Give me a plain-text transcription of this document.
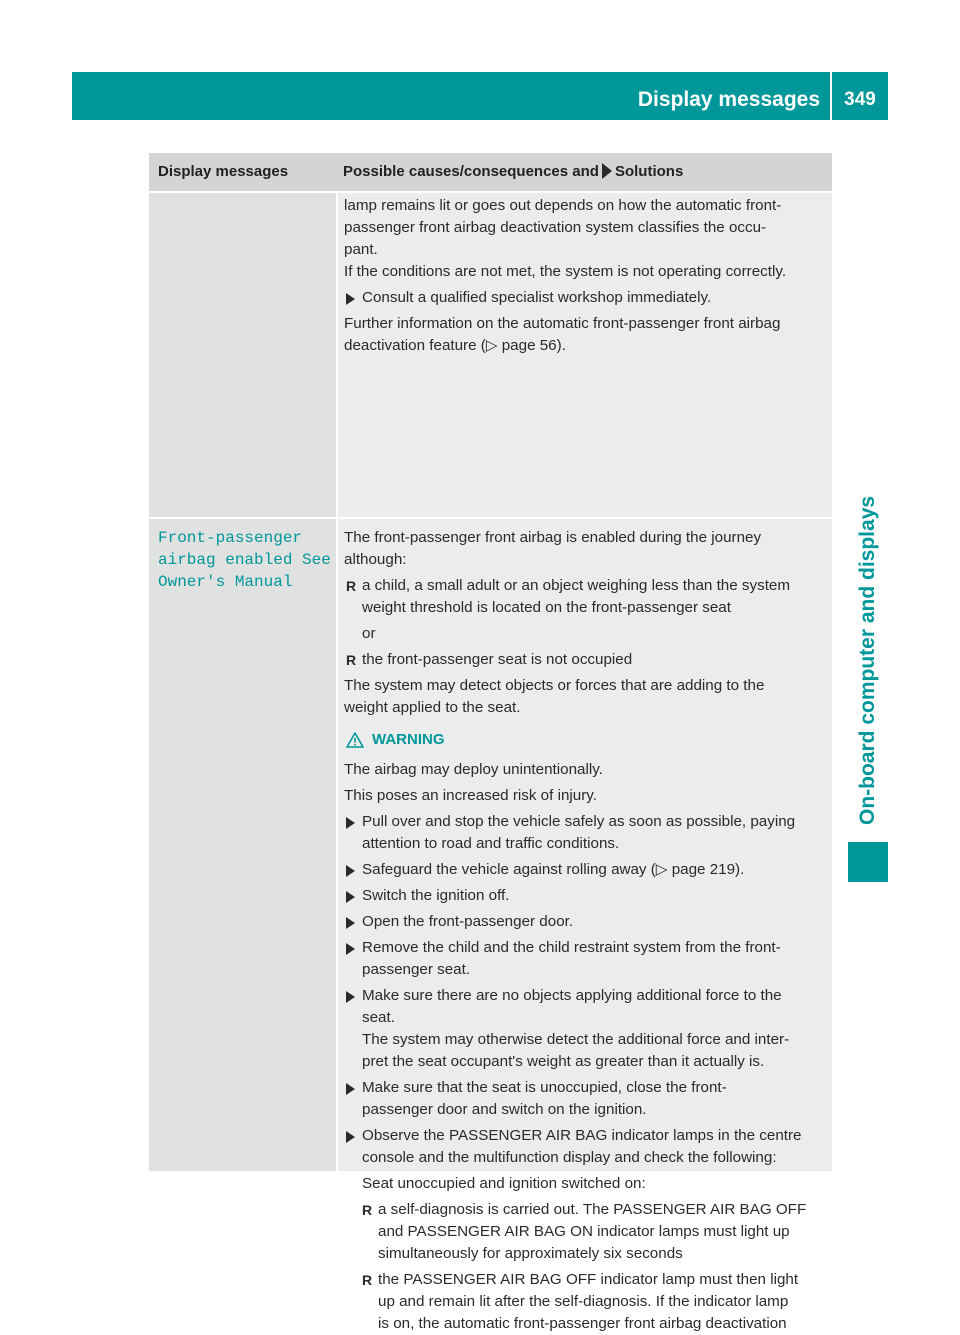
Display messages	349
On-board computer and displays
Display messages	Possible causes/consequences and Solutions

lamp remains lit or goes out depends on how the automatic front-

passenger front airbag deactivation system classifies the occu-

pant.

If the conditions are not met, the system is not operating correctly.

Consult a qualified specialist workshop immediately.

Further information on the automatic front-passenger front airbag

deactivation feature (▷ page 56).

Front-passenger
airbag enabled See
Owner's Manual

The front-passenger front airbag is enabled during the journey

although:

R a child, a small adult or an object weighing less than the system

weight threshold is located on the front-passenger seat

or

R the front-passenger seat is not occupied

The system may detect objects or forces that are adding to the

weight applied to the seat.

WARNING

The airbag may deploy unintentionally.

This poses an increased risk of injury.

Pull over and stop the vehicle safely as soon as possible, paying

attention to road and traffic conditions.

Safeguard the vehicle against rolling away (▷ page 219).

Switch the ignition off.

Open the front-passenger door.

Remove the child and the child restraint system from the front-

passenger seat.

Make sure there are no objects applying additional force to the

seat.

The system may otherwise detect the additional force and inter-

pret the seat occupant's weight as greater than it actually is.

Make sure that the seat is unoccupied, close the front-

passenger door and switch on the ignition.

Observe the PASSENGER AIR BAG indicator lamps in the centre

console and the multifunction display and check the following:

Seat unoccupied and ignition switched on:

R a self-diagnosis is carried out. The PASSENGER AIR BAG OFF

and PASSENGER AIR BAG ON indicator lamps must light up

simultaneously for approximately six seconds

R the PASSENGER AIR BAG OFF indicator lamp must then light

up and remain lit after the self-diagnosis. If the indicator lamp

is on, the automatic front-passenger front airbag deactivation
